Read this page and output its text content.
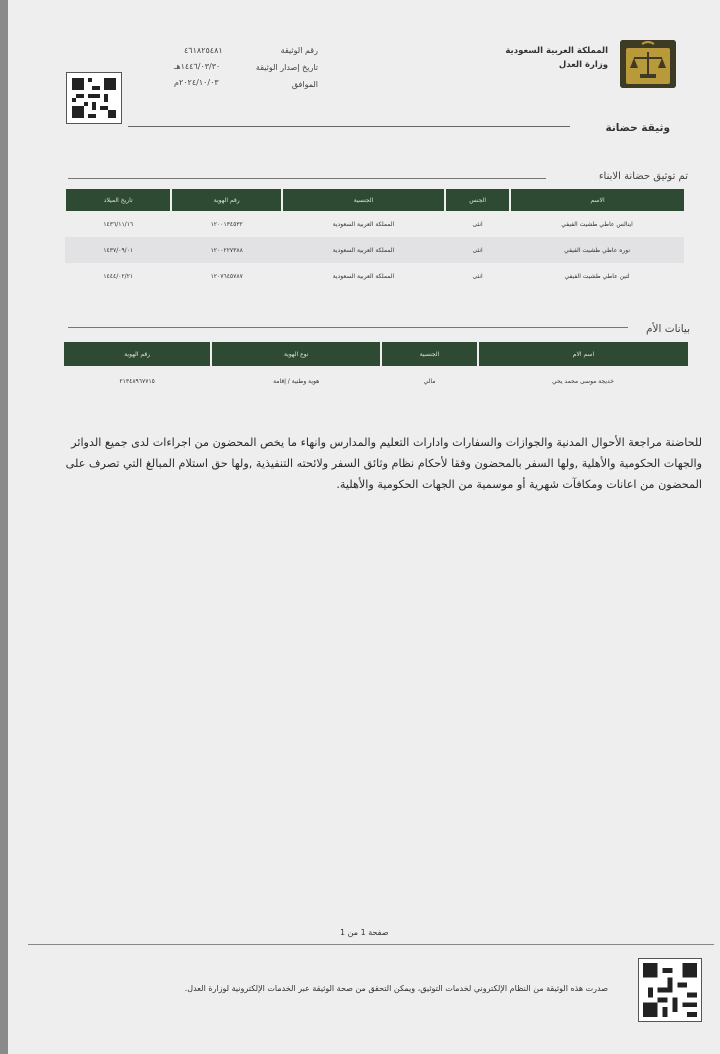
المملكة العربية السعودية
وزارة العدل
رقم الوثيقة
٤٦١٨٢٥٤٨١
تاريخ إصدار الوثيقة
١٤٤٦/٠٣/٣٠هـ
الموافق
٢٠٢٤/١٠/٠٣م
وثيقة حضانة
تم توثيق حضانة الابناء
الاسم	الجنس	الجنسية	رقم الهوية	تاريخ الميلاد
اينالس عاطي طشيت الفيفي	انثى	المملكة العربية السعودية	١٢٠٠١٣٤٥٣٢	١٤٣٦/١١/١٦
نوره عاطي طشيت الفيفي	انثى	المملكة العربية السعودية	١٢٠٠٢٢٧٣٨٨	١٤٣٧/٠٩/٠١
لتين عاطي طشيت الفيفي	انثى	المملكة العربية السعودية	١٢٠٧٦٤٥٧٨٧	١٤٤٤/٠٢/٢١
بيانات الأم
اسم الام	الجنسية	نوع الهوية	رقم الهوية
خديجة موسى محمد يحي	مالي	هوية وطنية / إقامة	٢١٣٤٨٩٦٧٧١٥
للحاضنة مراجعة الأحوال المدنية والجوازات والسفارات وادارات التعليم والمدارس وانهاء ما يخص المحضون من اجراءات لدى جميع الدوائر والجهات الحكومية والأهلية ,ولها السفر بالمحضون وفقا لأحكام نظام وثائق السفر ولائحته التنفيذية ,ولها حق استلام المبالغ التي تصرف على المحضون من اعانات ومكافآت شهرية أو موسمية من الجهات الحكومية والأهلية.
صفحة 1 من 1
صدرت هذه الوثيقة من النظام الإلكتروني لخدمات التوثيق، ويمكن التحقق من صحة الوثيقة عبر الخدمات الإلكترونية لوزارة العدل.
